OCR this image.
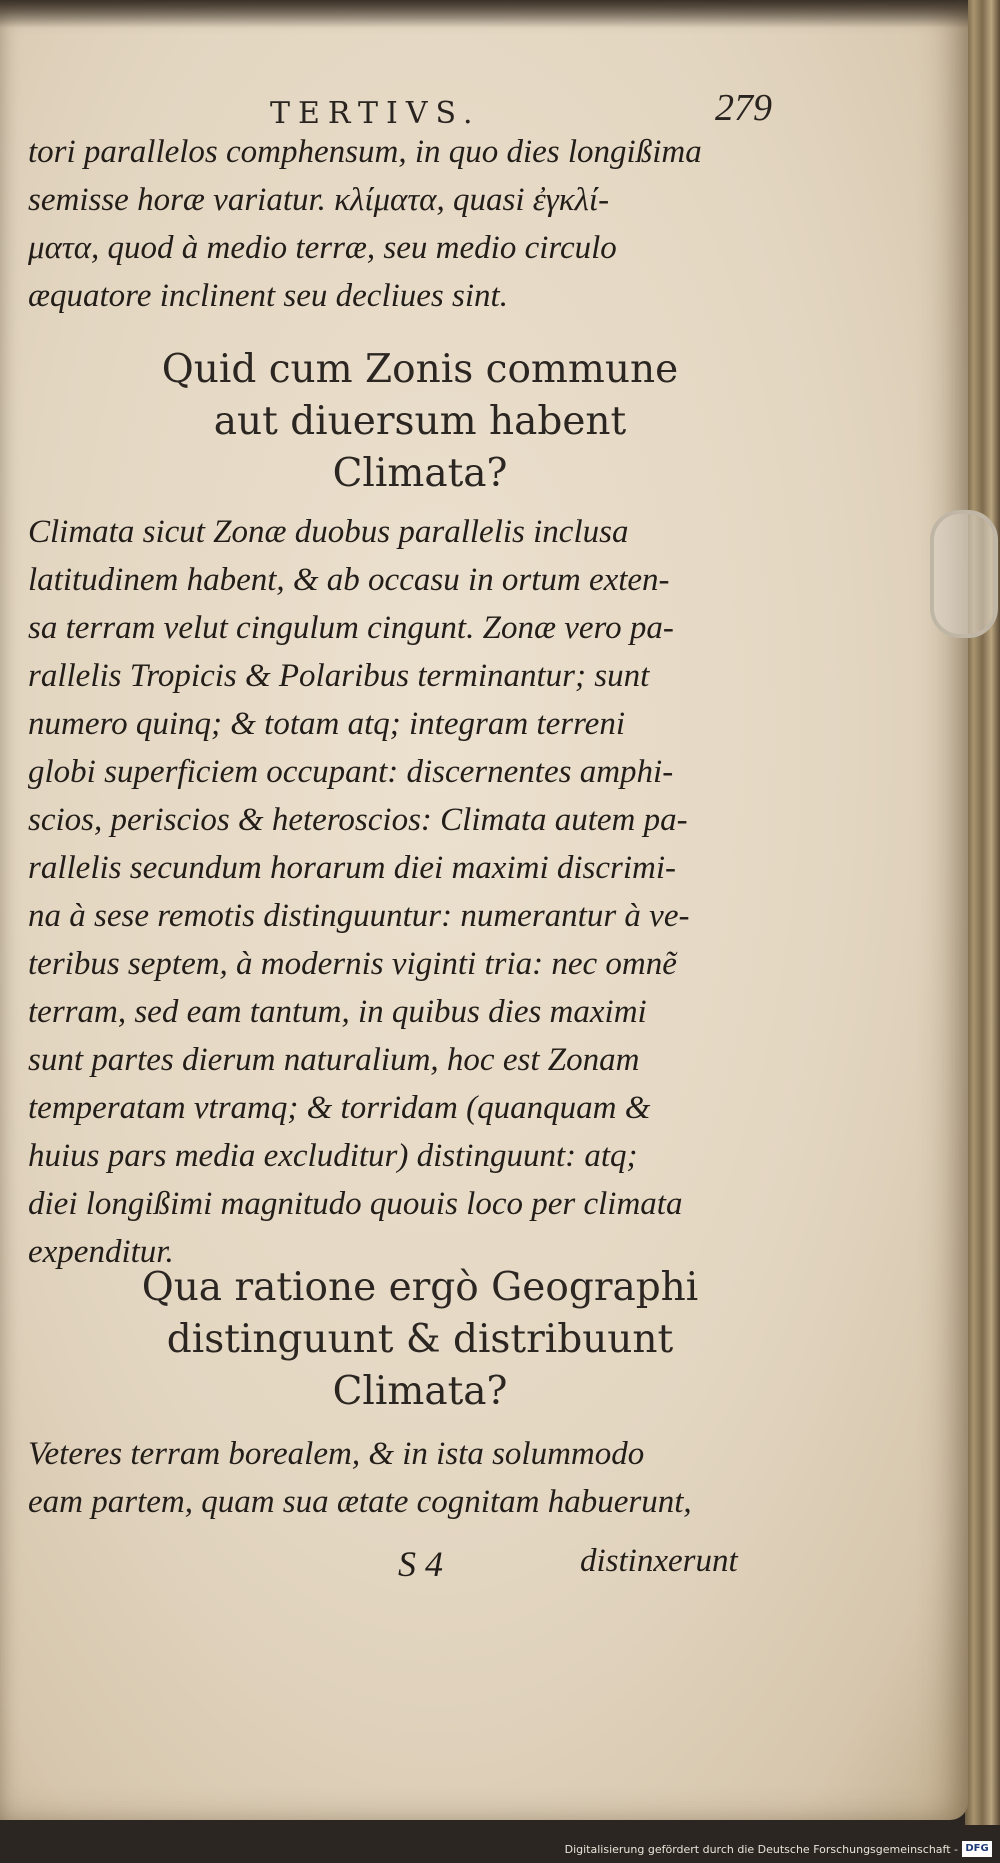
TERTIVS.	279
tori parallelos comphensum, in quo dies longißima
semisse horæ variatur. κλίματα, quasi ἐγκλί-
ματα, quod à medio terræ, seu medio circulo
æquatore inclinent seu decliues sint.
Quid cum Zonis commune
aut diuersum habent
Climata?
Climata sicut Zonæ duobus parallelis inclusa
latitudinem habent, & ab occasu in ortum exten-
sa terram velut cingulum cingunt. Zonæ vero pa-
rallelis Tropicis & Polaribus terminantur; sunt
numero quinq; & totam atq; integram terreni
globi superficiem occupant: discernentes amphi-
scios, periscios & heteroscios: Climata autem pa-
rallelis secundum horarum diei maximi discrimi-
na à sese remotis distinguuntur: numerantur à ve-
teribus septem, à modernis viginti tria: nec omnẽ
terram, sed eam tantum, in quibus dies maximi
sunt partes dierum naturalium, hoc est Zonam
temperatam vtramq; & torridam (quanquam &
huius pars media excluditur) distinguunt: atq;
diei longißimi magnitudo quouis loco per climata
expenditur.
Qua ratione ergò Geographi
distinguunt & distribuunt
Climata?
Veteres terram borealem, & in ista solummodo
eam partem, quam sua ætate cognitam habuerunt,
S 4	distinxerunt
Digitalisierung gefördert durch die Deutsche Forschungsgemeinschaft - DFG
